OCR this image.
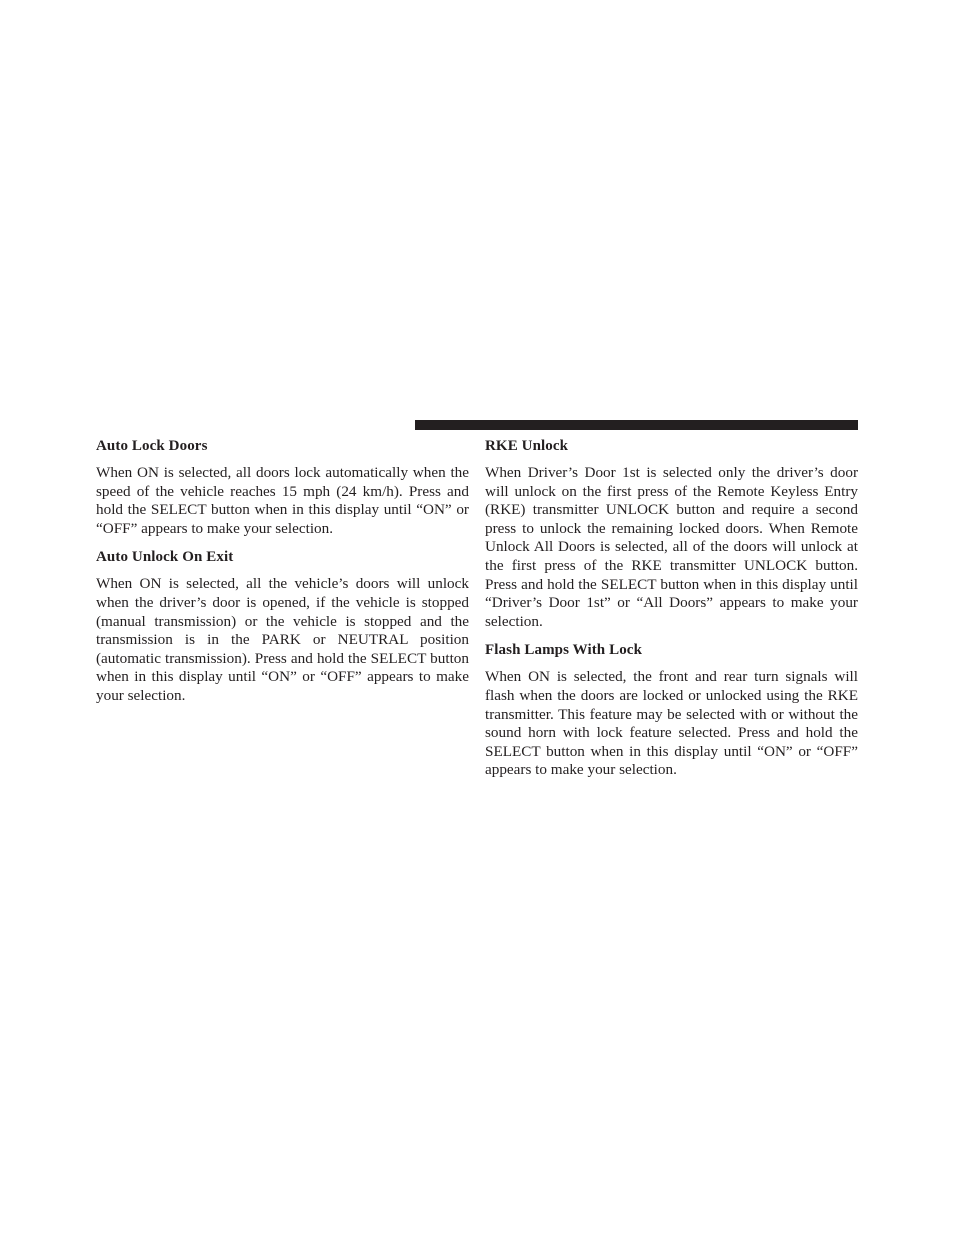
Auto Lock Doors

When ON is selected, all doors lock automatically when the speed of the vehicle reaches 15 mph (24 km/h). Press and hold the SELECT button when in this display until “ON” or “OFF” appears to make your selection.

Auto Unlock On Exit

When ON is selected, all the vehicle’s doors will unlock when the driver’s door is opened, if the vehicle is stopped (manual transmission) or the vehicle is stopped and the transmission is in the PARK or NEUTRAL position (automatic transmission). Press and hold the SELECT button when in this display until “ON” or “OFF” appears to make your selection.

RKE Unlock

When Driver’s Door 1st is selected only the driver’s door will unlock on the first press of the Remote Keyless Entry (RKE) transmitter UNLOCK button and require a second press to unlock the remaining locked doors. When Remote Unlock All Doors is selected, all of the doors will unlock at the first press of the RKE transmitter UNLOCK button. Press and hold the SELECT button when in this display until “Driver’s Door 1st” or “All Doors” appears to make your selection.

Flash Lamps With Lock

When ON is selected, the front and rear turn signals will flash when the doors are locked or unlocked using the RKE transmitter. This feature may be selected with or without the sound horn with lock feature selected. Press and hold the SELECT button when in this display until “ON” or “OFF” appears to make your selection.
